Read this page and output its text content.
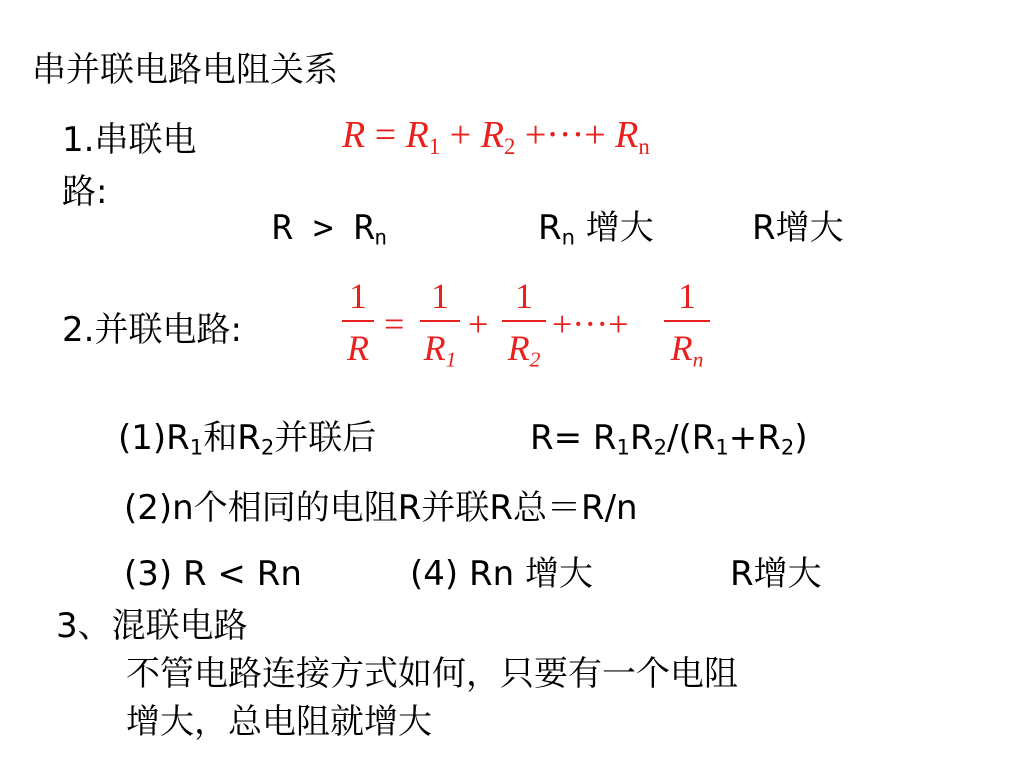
串并联电路电阻关系
1.串联电
路:
$R = R_1 + R_2$ +···+ $R_n$
$R > R_n$	$R_n$ 增大	R增大
2.并联电路:
1
R
=
1
$R_1$
+
1
$R_2$
+···+
1
$R_n$
$(1)R_1$和$R_2$并联后	$R= R_1R_2/(R_1+R_2)$
(2)n个相同的电阻R并联R总＝R/n
(3) R < Rn	(4) Rn 增大	R增大
3、混联电路
不管电路连接方式如何，只要有一个电阻
增大，总电阻就增大
